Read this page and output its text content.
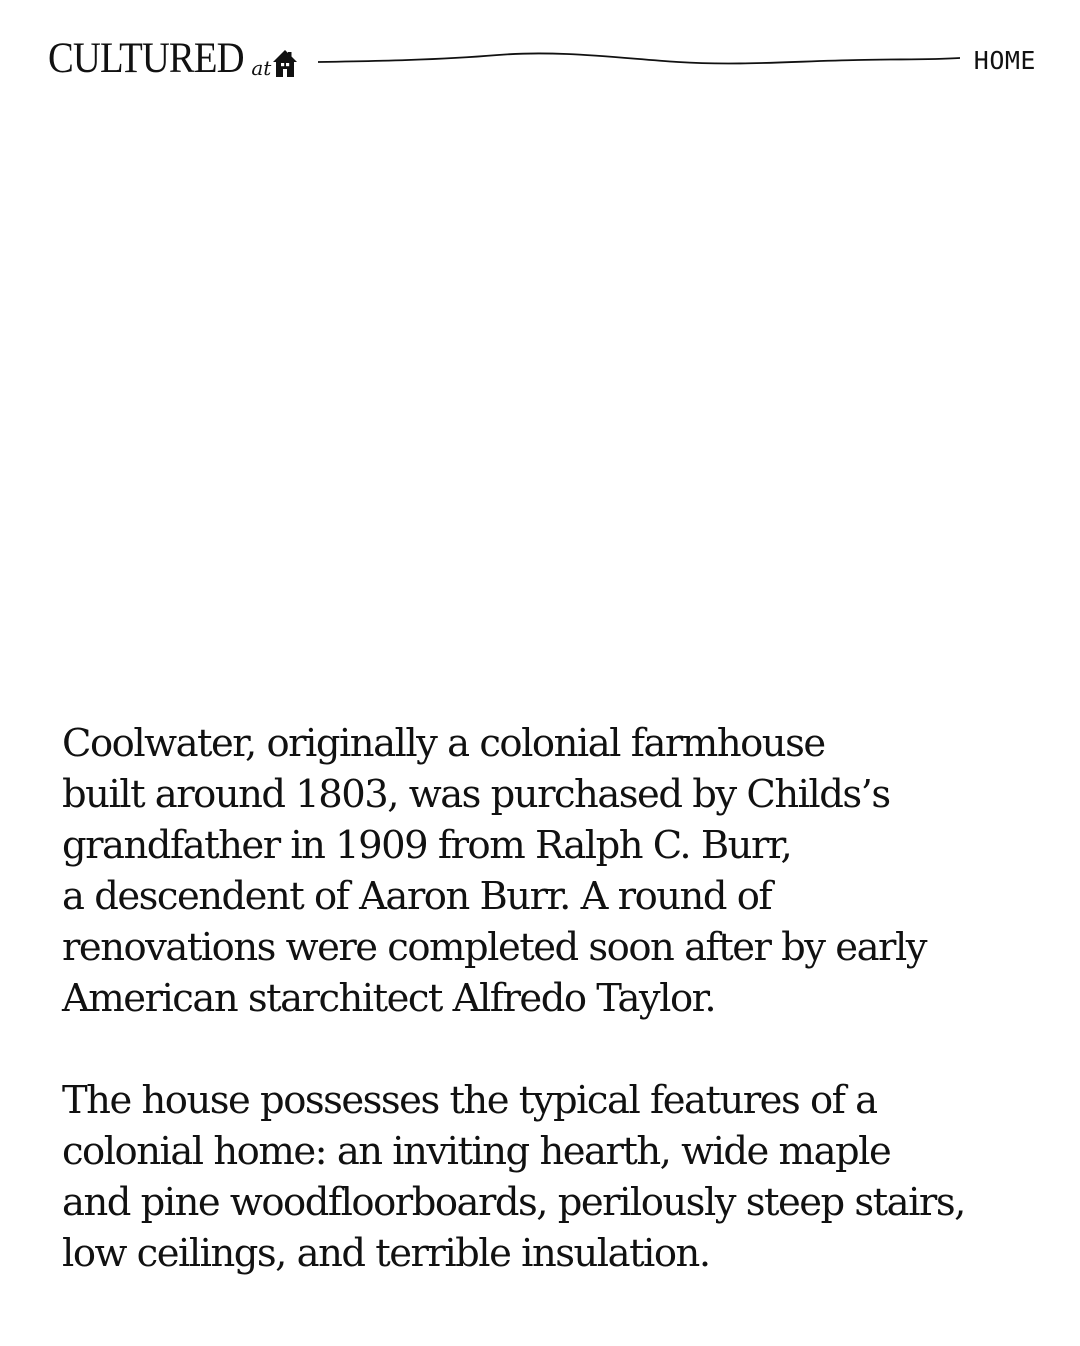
CULTURED at	HOME

Coolwater, originally a colonial farmhouse
built around 1803, was purchased by Childs’s
grandfather in 1909 from Ralph C. Burr,
a descendent of Aaron Burr. A round of
renovations were completed soon after by early
American starchitect Alfredo Taylor.

The house possesses the typical features of a
colonial home: an inviting hearth, wide maple
and pine woodfloorboards, perilously steep stairs,
low ceilings, and terrible insulation.
